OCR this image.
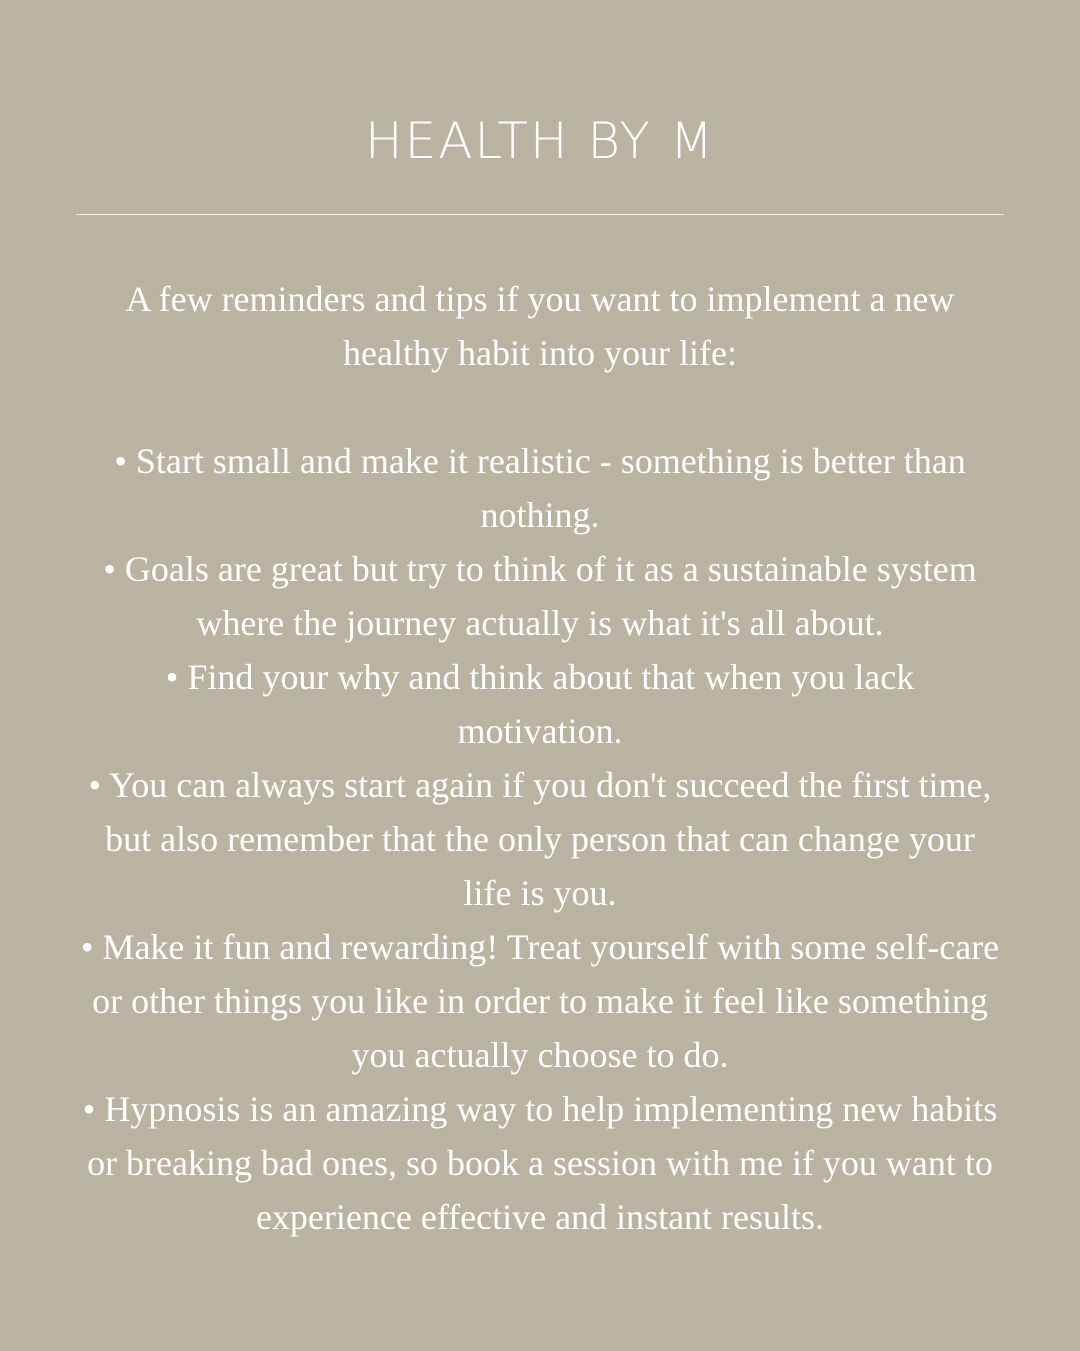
HEALTH BY M

A few reminders and tips if you want to implement a new healthy habit into your life:

• Start small and make it realistic - something is better than nothing.

• Goals are great but try to think of it as a sustainable system where the journey actually is what it's all about.

• Find your why and think about that when you lack motivation.

• You can always start again if you don't succeed the first time, but also remember that the only person that can change your life is you.

• Make it fun and rewarding! Treat yourself with some self-care or other things you like in order to make it feel like something you actually choose to do.

• Hypnosis is an amazing way to help implementing new habits or breaking bad ones, so book a session with me if you want to experience effective and instant results.
